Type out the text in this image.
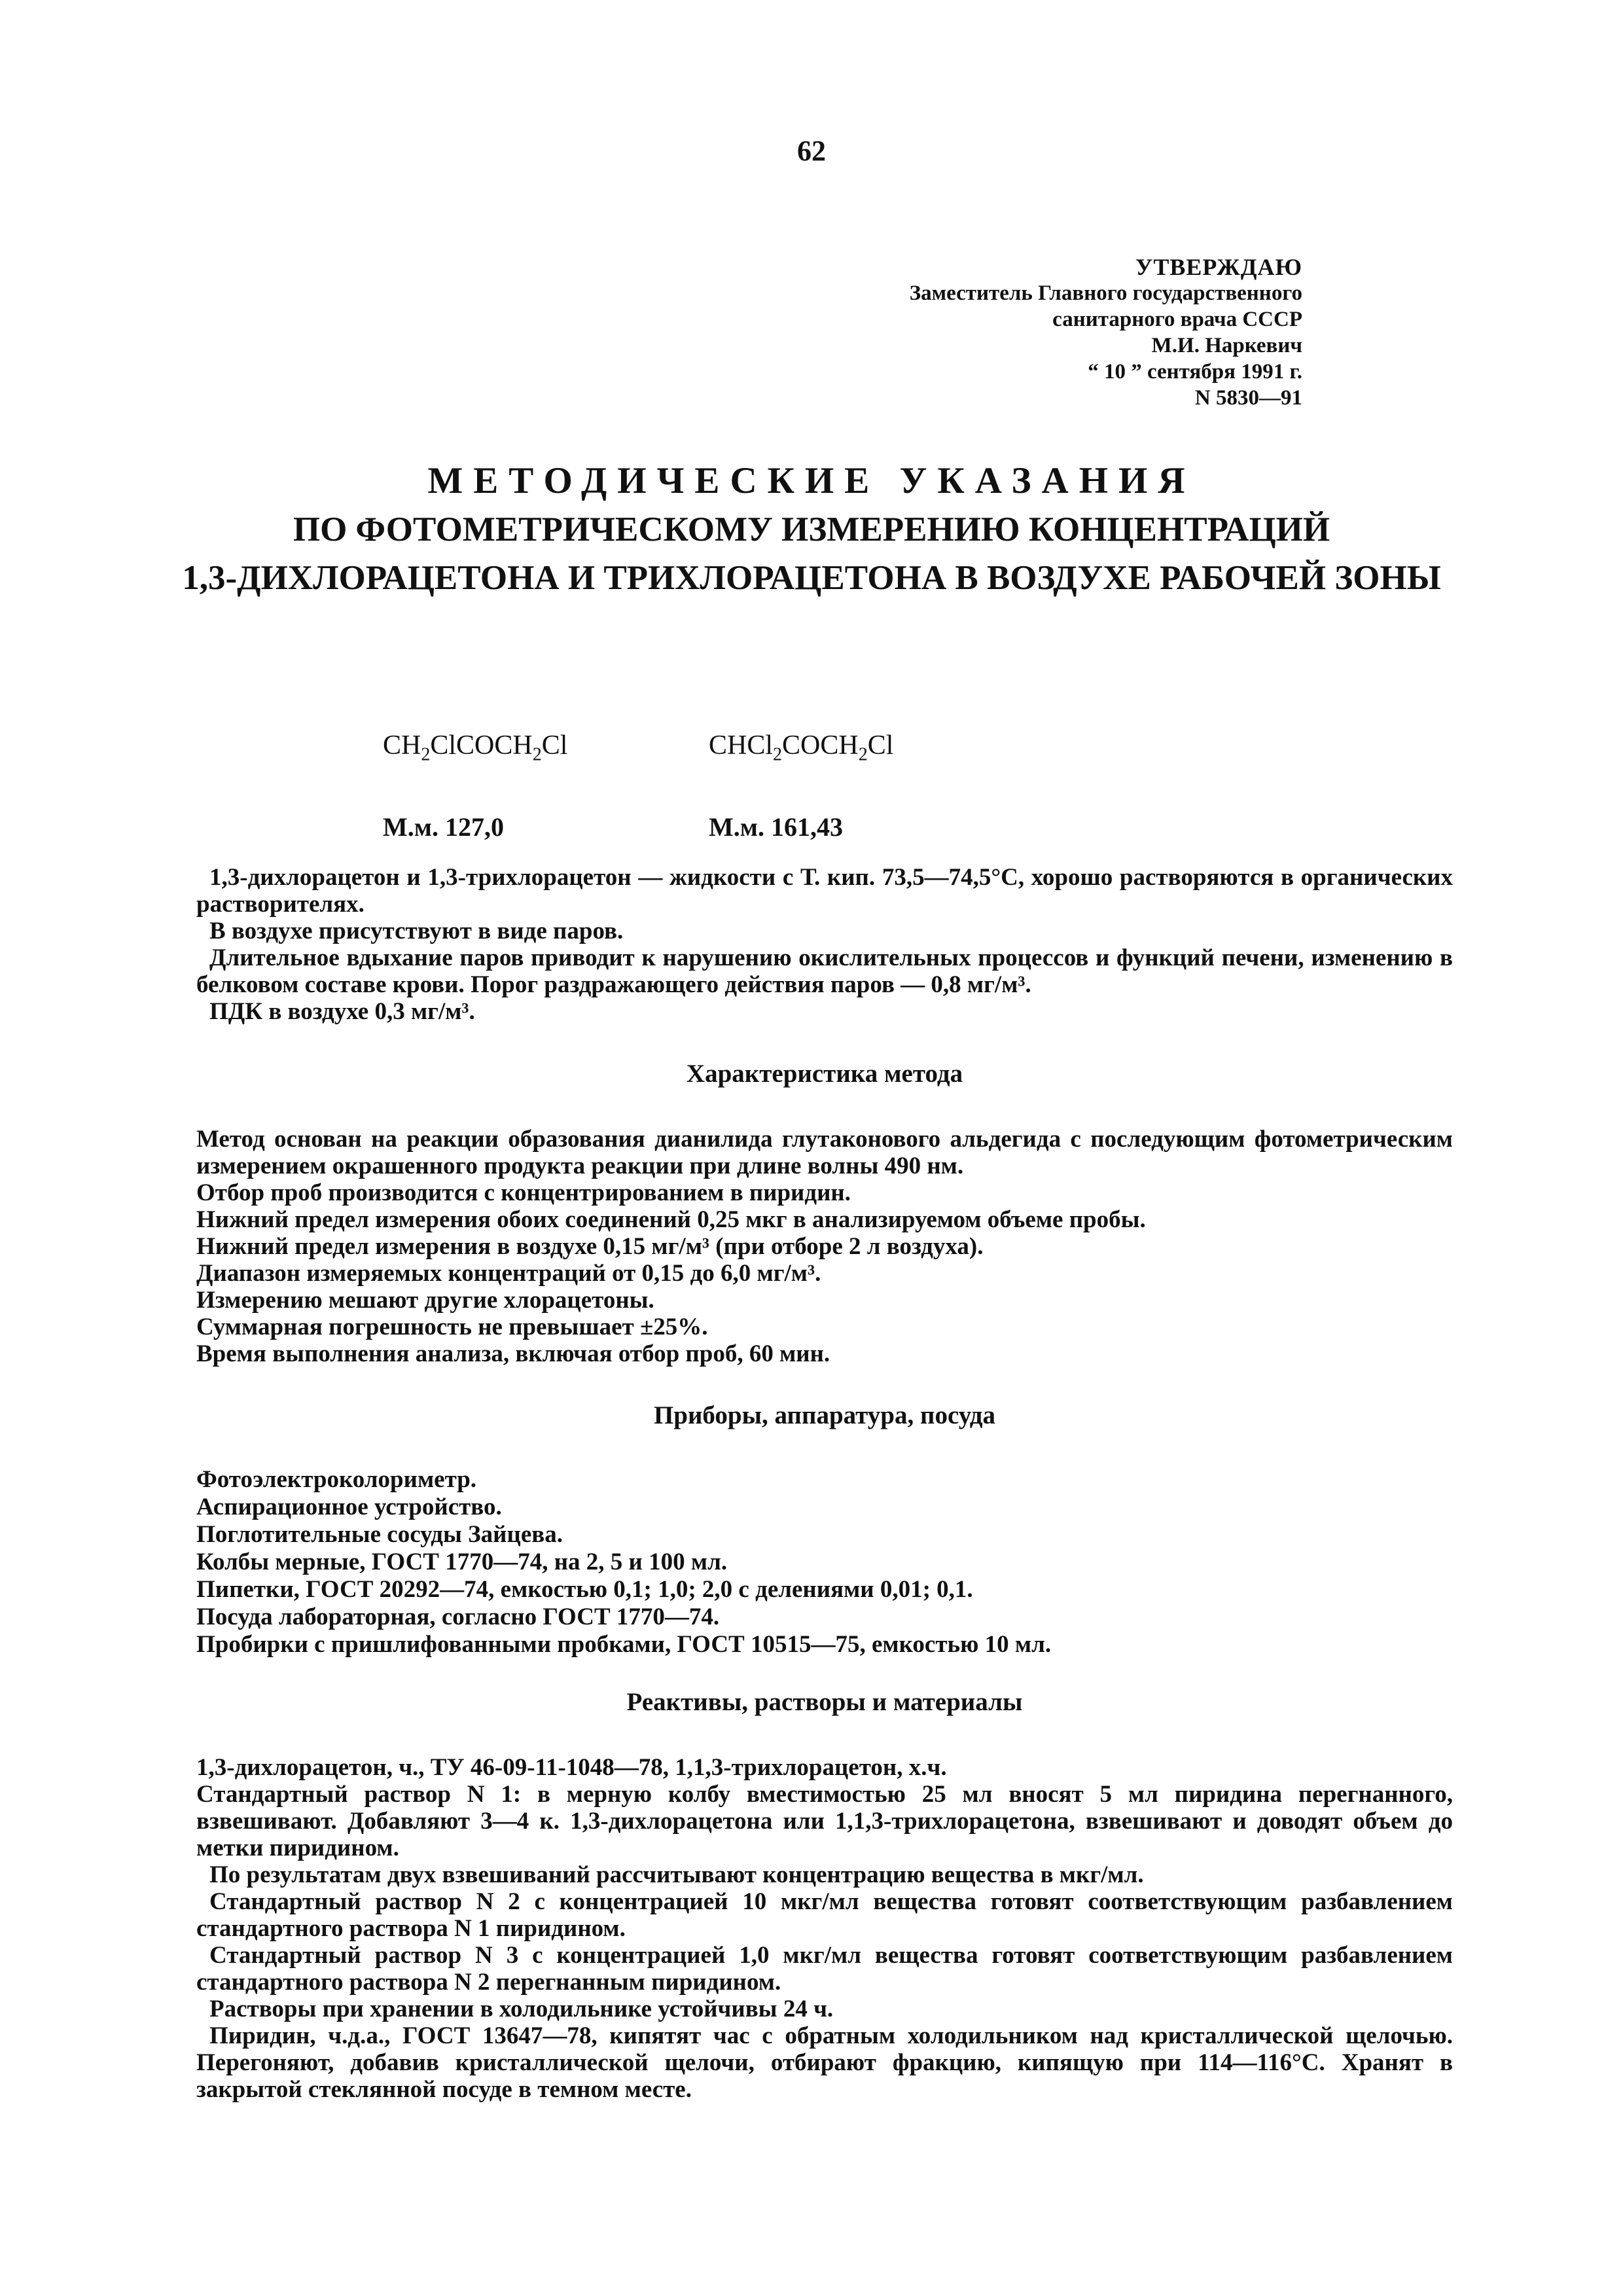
62
УТВЕРЖДАЮ
Заместитель Главного государственного
санитарного врача СССР
М.И. Наркевич
“ 10 ” сентября 1991 г.
N 5830—91
МЕТОДИЧЕСКИЕ УКАЗАНИЯ
ПО ФОТОМЕТРИЧЕСКОМУ ИЗМЕРЕНИЮ КОНЦЕНТРАЦИЙ
1,3-ДИХЛОРАЦЕТОНА И ТРИХЛОРАЦЕТОНА В ВОЗДУХЕ РАБОЧЕЙ ЗОНЫ
$CH_2ClCOCH_2Cl$	$CHCl_2COCH_2Cl$
М.м. 127,0	М.м. 161,43

1,3-дихлорацетон и 1,3-трихлорацетон — жидкости с Т. кип. 73,5—74,5°С, хорошо растворяются в органических растворителях.

В воздухе присутствуют в виде паров.

Длительное вдыхание паров приводит к нарушению окислительных процессов и функций печени, изменению в белковом составе крови. Порог раздражающего действия паров — 0,8 мг/м³.

ПДК в воздухе 0,3 мг/м³.

Характеристика метода

Метод основан на реакции образования дианилида глутаконового альдегида с последующим фотометрическим измерением окрашенного продукта реакции при длине волны 490 нм.

Отбор проб производится с концентрированием в пиридин.

Нижний предел измерения обоих соединений 0,25 мкг в анализируемом объеме пробы.

Нижний предел измерения в воздухе 0,15 мг/м³ (при отборе 2 л воздуха).

Диапазон измеряемых концентраций от 0,15 до 6,0 мг/м³.

Измерению мешают другие хлорацетоны.

Суммарная погрешность не превышает ±25%.

Время выполнения анализа, включая отбор проб, 60 мин.

Приборы, аппаратура, посуда

Фотоэлектроколориметр.

Аспирационное устройство.

Поглотительные сосуды Зайцева.

Колбы мерные, ГОСТ 1770—74, на 2, 5 и 100 мл.

Пипетки, ГОСТ 20292—74, емкостью 0,1; 1,0; 2,0 с делениями 0,01; 0,1.

Посуда лабораторная, согласно ГОСТ 1770—74.

Пробирки с пришлифованными пробками, ГОСТ 10515—75, емкостью 10 мл.

Реактивы, растворы и материалы

1,3-дихлорацетон, ч., ТУ 46-09-11-1048—78, 1,1,3-трихлорацетон, х.ч.

Стандартный раствор N 1: в мерную колбу вместимостью 25 мл вносят 5 мл пиридина перегнанного, взвешивают. Добавляют 3—4 к. 1,3-дихлорацетона или 1,1,3-трихлорацетона, взвешивают и доводят объем до метки пиридином.

По результатам двух взвешиваний рассчитывают концентрацию вещества в мкг/мл.

Стандартный раствор N 2 с концентрацией 10 мкг/мл вещества готовят соответствующим разбавлением стандартного раствора N 1 пиридином.

Стандартный раствор N 3 с концентрацией 1,0 мкг/мл вещества готовят соответствующим разбавлением стандартного раствора N 2 перегнанным пиридином.

Растворы при хранении в холодильнике устойчивы 24 ч.

Пиридин, ч.д.а., ГОСТ 13647—78, кипятят час с обратным холодильником над кристаллической щелочью. Перегоняют, добавив кристаллической щелочи, отбирают фракцию, кипящую при 114—116°С. Хранят в закрытой стеклянной посуде в темном месте.
